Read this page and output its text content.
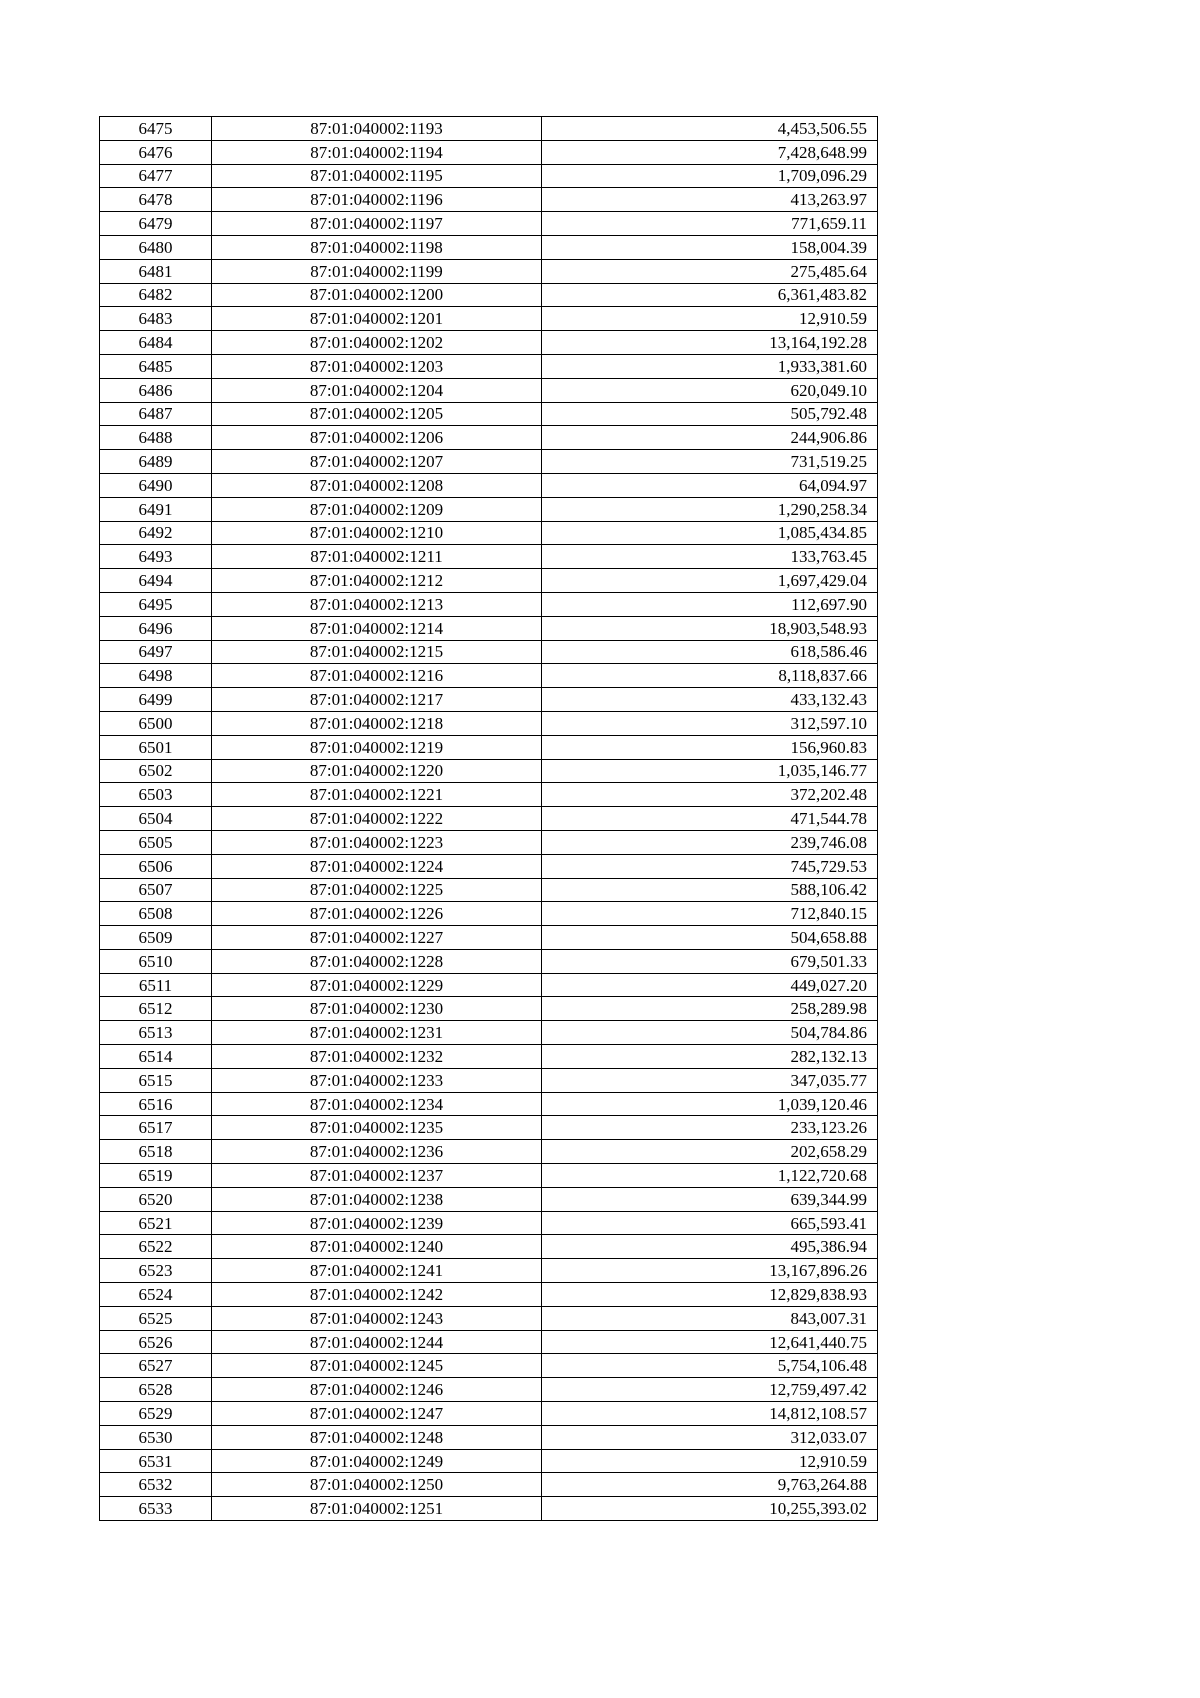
6475	87:01:040002:1193	4,453,506.55
6476	87:01:040002:1194	7,428,648.99
6477	87:01:040002:1195	1,709,096.29
6478	87:01:040002:1196	413,263.97
6479	87:01:040002:1197	771,659.11
6480	87:01:040002:1198	158,004.39
6481	87:01:040002:1199	275,485.64
6482	87:01:040002:1200	6,361,483.82
6483	87:01:040002:1201	12,910.59
6484	87:01:040002:1202	13,164,192.28
6485	87:01:040002:1203	1,933,381.60
6486	87:01:040002:1204	620,049.10
6487	87:01:040002:1205	505,792.48
6488	87:01:040002:1206	244,906.86
6489	87:01:040002:1207	731,519.25
6490	87:01:040002:1208	64,094.97
6491	87:01:040002:1209	1,290,258.34
6492	87:01:040002:1210	1,085,434.85
6493	87:01:040002:1211	133,763.45
6494	87:01:040002:1212	1,697,429.04
6495	87:01:040002:1213	112,697.90
6496	87:01:040002:1214	18,903,548.93
6497	87:01:040002:1215	618,586.46
6498	87:01:040002:1216	8,118,837.66
6499	87:01:040002:1217	433,132.43
6500	87:01:040002:1218	312,597.10
6501	87:01:040002:1219	156,960.83
6502	87:01:040002:1220	1,035,146.77
6503	87:01:040002:1221	372,202.48
6504	87:01:040002:1222	471,544.78
6505	87:01:040002:1223	239,746.08
6506	87:01:040002:1224	745,729.53
6507	87:01:040002:1225	588,106.42
6508	87:01:040002:1226	712,840.15
6509	87:01:040002:1227	504,658.88
6510	87:01:040002:1228	679,501.33
6511	87:01:040002:1229	449,027.20
6512	87:01:040002:1230	258,289.98
6513	87:01:040002:1231	504,784.86
6514	87:01:040002:1232	282,132.13
6515	87:01:040002:1233	347,035.77
6516	87:01:040002:1234	1,039,120.46
6517	87:01:040002:1235	233,123.26
6518	87:01:040002:1236	202,658.29
6519	87:01:040002:1237	1,122,720.68
6520	87:01:040002:1238	639,344.99
6521	87:01:040002:1239	665,593.41
6522	87:01:040002:1240	495,386.94
6523	87:01:040002:1241	13,167,896.26
6524	87:01:040002:1242	12,829,838.93
6525	87:01:040002:1243	843,007.31
6526	87:01:040002:1244	12,641,440.75
6527	87:01:040002:1245	5,754,106.48
6528	87:01:040002:1246	12,759,497.42
6529	87:01:040002:1247	14,812,108.57
6530	87:01:040002:1248	312,033.07
6531	87:01:040002:1249	12,910.59
6532	87:01:040002:1250	9,763,264.88
6533	87:01:040002:1251	10,255,393.02
